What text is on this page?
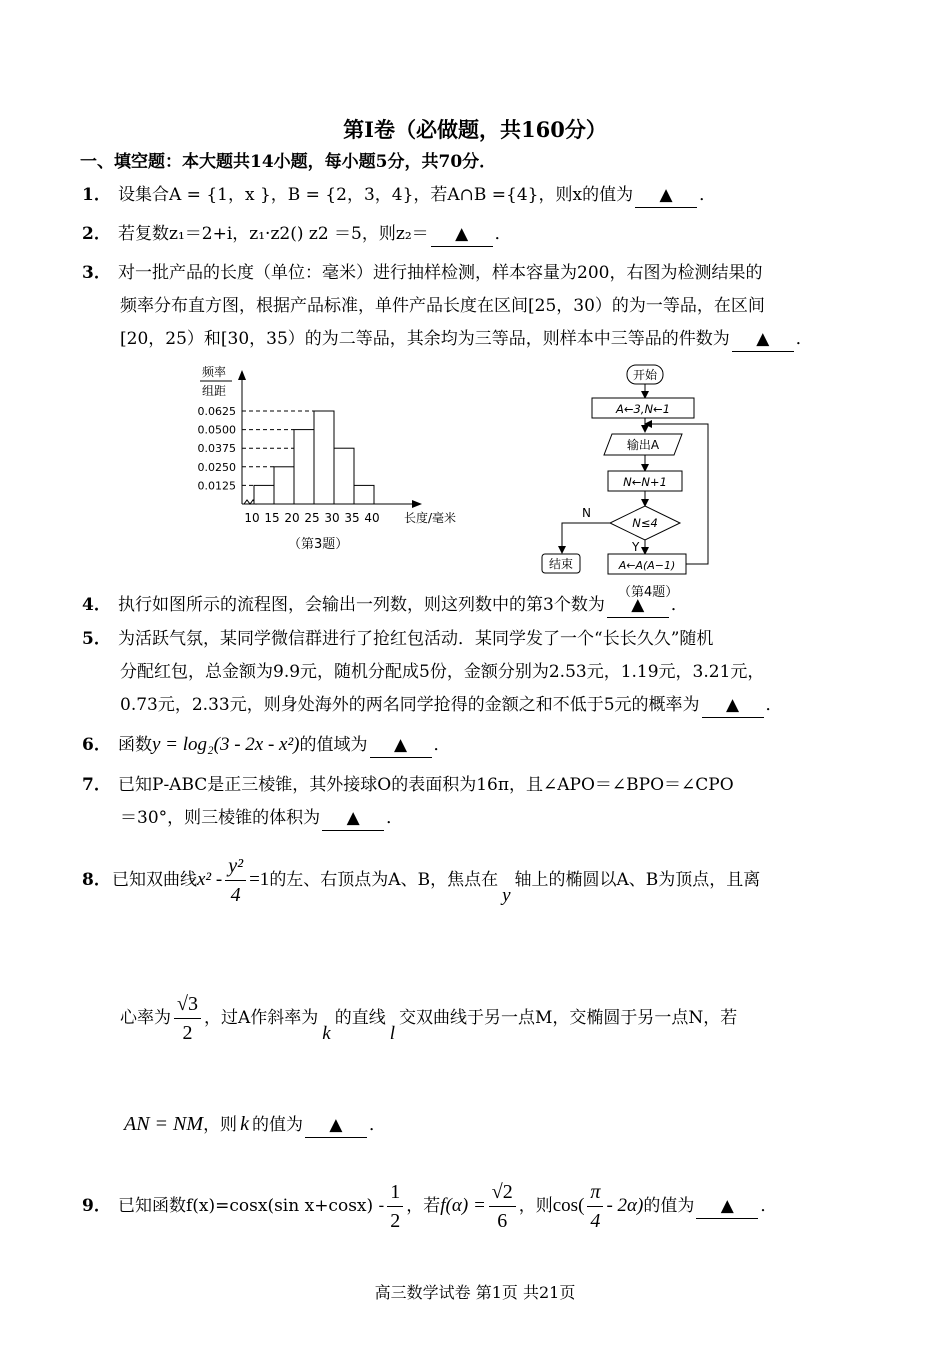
第Ⅰ卷（必做题，共160分）
一、填空题：本大题共14小题，每小题5分，共70分．
1． 设集合A = {1，x }，B = {2，3，4}，若A∩B ={4}，则x的值为 ▲ ．
2． 若复数z₁＝2+i，z₁·z2() z2 ＝5，则z₂＝ ▲ ．
3． 对一批产品的长度（单位：毫米）进行抽样检测，样本容量为200，右图为检测结果的
频率分布直方图，根据产品标准，单件产品长度在区间[25，30）的为一等品，在区间
[20，25）和[30，35）的为二等品，其余均为三等品，则样本中三等品的件数为 ▲ ．
频率
组距
0.0625
0.0500
0.0375
0.0250
0.0125
10 15 20 25 30 35 40 长度/毫米
（第3题）
开始
A←3,N←1
输出A
N←N+1
N≤4
N
结束
Y
A←A(A−1)
（第4题）
4． 执行如图所示的流程图，会输出一列数，则这列数中的第3个数为 ▲ ．
5． 为活跃气氛，某同学微信群进行了抢红包活动．某同学发了一个“长长久久”随机
分配红包，总金额为9.9元，随机分配成5份，金额分别为2.53元，1.19元，3.21元，
0.73元，2.33元，则身处海外的两名同学抢得的金额之和不低于5元的概率为 ▲ ．
6． 函数y = log₂(3 - 2x - x²)的值域为 ▲ ．
7． 已知P‑ABC是正三棱锥，其外接球O的表面积为16π，且∠APO＝∠BPO＝∠CPO
＝30°，则三棱锥的体积为 ▲ ．
8．已知双曲线$x^2 - \frac{\text{y²}}{4} =1$的左、右顶点为A、B，焦点在y轴上的椭圆以A、B为顶点，且离
心率为 $\frac{√3}{2}$ ，过A作斜率为k的直线l交双曲线于另一点M，交椭圆于另一点N，若
AN = NM，则 k 的值为 ▲ ．
9． 已知函数f(x)=cosx(sin $x+\cos x) - \frac{1}{2}$ ，若$f(\alpha) = \frac{√2}{6}$ ，则$\cos( \frac{\pi}{4} - 2\alpha)$的值为 ▲ ．
高三数学试卷 第1页 共21页
